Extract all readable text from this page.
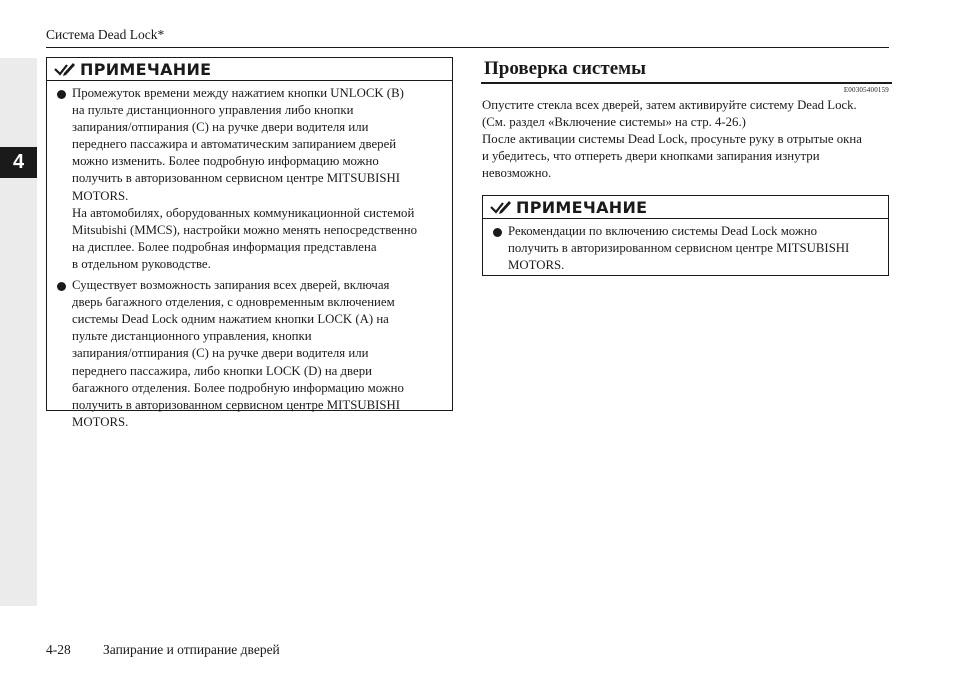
4
Система Dead Lock*
ПРИМЕЧАНИЕ
Промежуток времени между нажатием кнопки UNLOCK (B)
на пульте дистанционного управления либо кнопки
запирания/отпирания (C) на ручке двери водителя или
переднего пассажира и автоматическим запиранием дверей
можно изменить. Более подробную информацию можно
получить в авторизованном сервисном центре MITSUBISHI
MOTORS.
На автомобилях, оборудованных коммуникационной системой
Mitsubishi (MMCS), настройки можно менять непосредственно
на дисплее. Более подробная информация представлена
в отдельном руководстве.
Существует возможность запирания всех дверей, включая
дверь багажного отделения, с одновременным включением
системы Dead Lock одним нажатием кнопки LOCK (A) на
пульте дистанционного управления, кнопки
запирания/отпирания (C) на ручке двери водителя или
переднего пассажира, либо кнопки LOCK (D) на двери
багажного отделения. Более подробную информацию можно
получить в авторизованном сервисном центре MITSUBISHI
MOTORS.
Проверка системы
E00305400159
Опустите стекла всех дверей, затем активируйте систему Dead Lock.
(См. раздел «Включение системы» на стр. 4-26.)
После активации системы Dead Lock, просуньте руку в отрытые окна
и убедитесь, что отпереть двери кнопками запирания изнутри
невозможно.
ПРИМЕЧАНИЕ
Рекомендации по включению системы Dead Lock можно
получить в авторизированном сервисном центре MITSUBISHI
MOTORS.
4-28 Запирание и отпирание дверей
